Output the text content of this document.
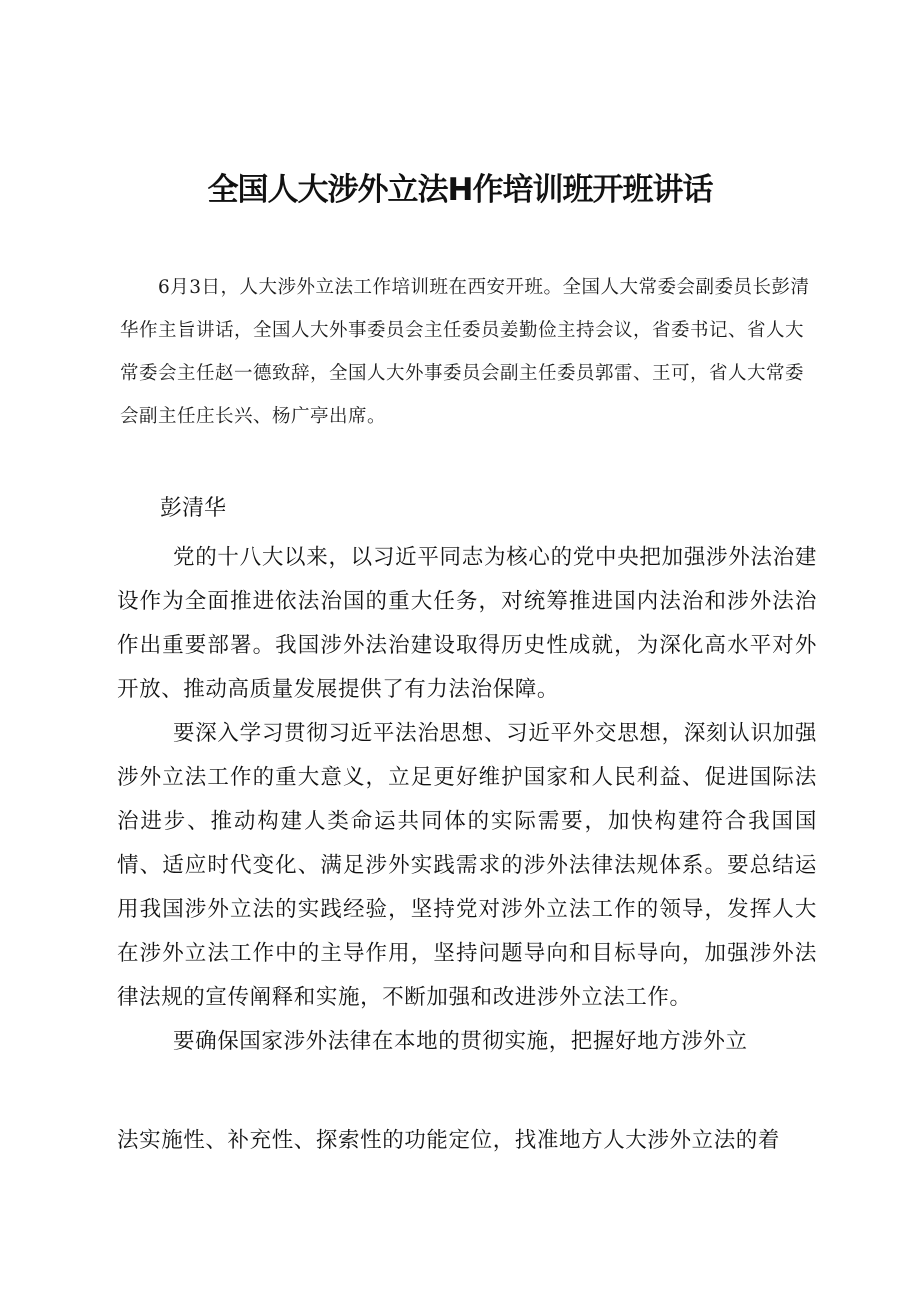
全国人大涉外立法H作培训班开班讲话

6月3日，人大涉外立法工作培训班在西安开班。全国人大常委会副委员长彭清华作主旨讲话，全国人大外事委员会主任委员姜勤俭主持会议，省委书记、省人大常委会主任赵一德致辞，全国人大外事委员会副主任委员郭雷、王可，省人大常委会副主任庄长兴、杨广亭出席。

彭清华

党的十八大以来，以习近平同志为核心的党中央把加强涉外法治建设作为全面推进依法治国的重大任务，对统筹推进国内法治和涉外法治作出重要部署。我国涉外法治建设取得历史性成就，为深化高水平对外开放、推动高质量发展提供了有力法治保障。

要深入学习贯彻习近平法治思想、习近平外交思想，深刻认识加强涉外立法工作的重大意义，立足更好维护国家和人民利益、促进国际法治进步、推动构建人类命运共同体的实际需要，加快构建符合我国国情、适应时代变化、满足涉外实践需求的涉外法律法规体系。要总结运用我国涉外立法的实践经验，坚持党对涉外立法工作的领导，发挥人大在涉外立法工作中的主导作用，坚持问题导向和目标导向，加强涉外法律法规的宣传阐释和实施，不断加强和改进涉外立法工作。

要确保国家涉外法律在本地的贯彻实施，把握好地方涉外立

法实施性、补充性、探索性的功能定位，找准地方人大涉外立法的着
